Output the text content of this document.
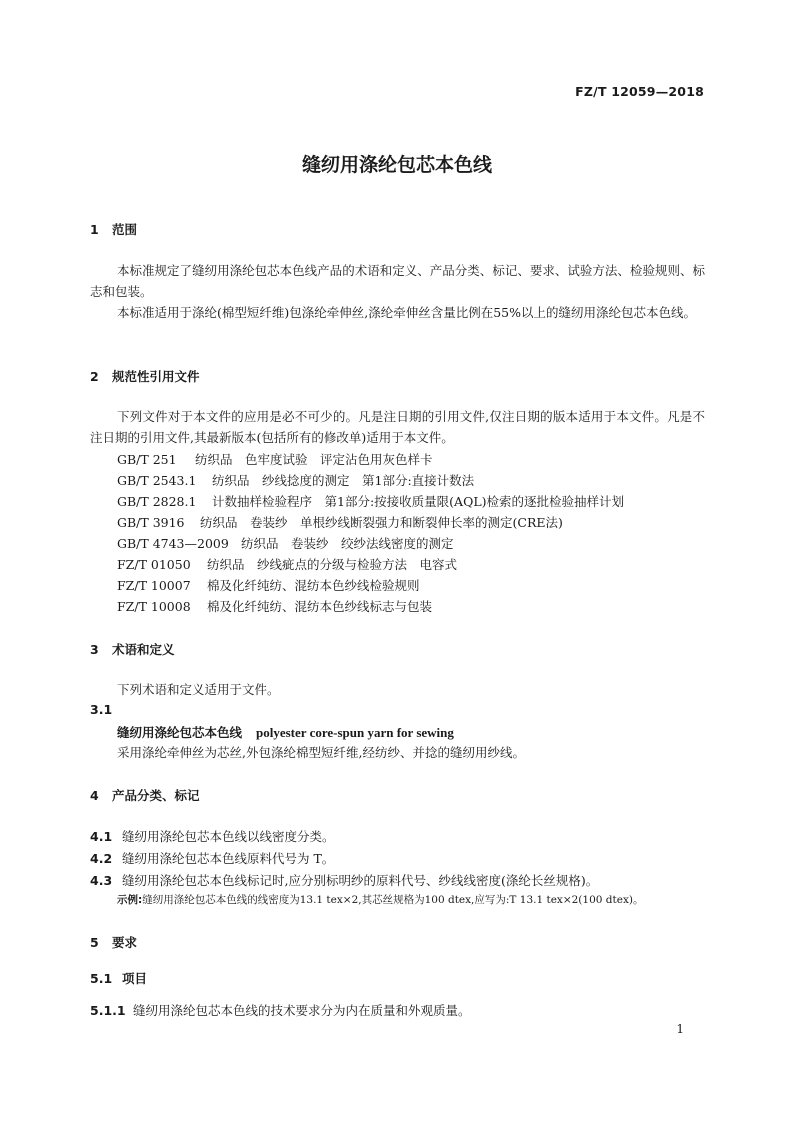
FZ/T 12059—2018
缝纫用涤纶包芯本色线
1 范围
本标准规定了缝纫用涤纶包芯本色线产品的术语和定义、产品分类、标记、要求、试验方法、检验规则、标志和包装。
本标准适用于涤纶(棉型短纤维)包涤纶牵伸丝,涤纶牵伸丝含量比例在55%以上的缝纫用涤纶包芯本色线。
2 规范性引用文件
下列文件对于本文件的应用是必不可少的。凡是注日期的引用文件,仅注日期的版本适用于本文件。凡是不注日期的引用文件,其最新版本(包括所有的修改单)适用于本文件。
GB/T 251 纺织品　色牢度试验　评定沾色用灰色样卡
GB/T 2543.1 纺织品　纱线捻度的测定　第1部分:直接计数法
GB/T 2828.1 计数抽样检验程序　第1部分:按接收质量限(AQL)检索的逐批检验抽样计划
GB/T 3916 纺织品　卷装纱　单根纱线断裂强力和断裂伸长率的测定(CRE法)
GB/T 4743—2009 纺织品　卷装纱　绞纱法线密度的测定
FZ/T 01050 纺织品　纱线疵点的分级与检验方法　电容式
FZ/T 10007 棉及化纤纯纺、混纺本色纱线检验规则
FZ/T 10008 棉及化纤纯纺、混纺本色纱线标志与包装
3 术语和定义
下列术语和定义适用于文件。
3.1
缝纫用涤纶包芯本色线 polyester core-spun yarn for sewing
采用涤纶牵伸丝为芯丝,外包涤纶棉型短纤维,经纺纱、并捻的缝纫用纱线。
4 产品分类、标记
4.1 缝纫用涤纶包芯本色线以线密度分类。
4.2 缝纫用涤纶包芯本色线原料代号为 T。
4.3 缝纫用涤纶包芯本色线标记时,应分别标明纱的原料代号、纱线线密度(涤纶长丝规格)。
示例:缝纫用涤纶包芯本色线的线密度为13.1 tex×2,其芯丝规格为100 dtex,应写为:T 13.1 tex×2(100 dtex)。
5 要求
5.1 项目
5.1.1 缝纫用涤纶包芯本色线的技术要求分为内在质量和外观质量。
1
